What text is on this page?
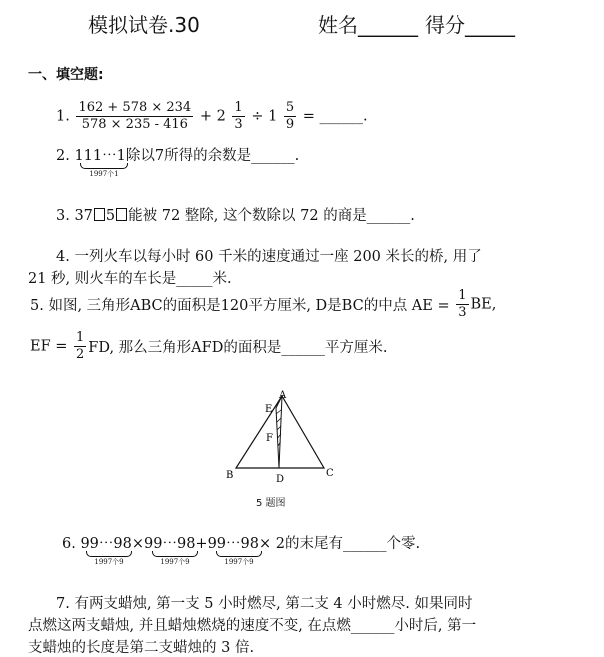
模拟试卷.30	姓名______ 得分_____
一、填空题:
1. $\frac{162 + 578 \times 234}{578 \times 235 - 416} + 2 \frac{1}{3} \div 1 \frac{5}{9}$ = ______.
2. 111⋯1除以7所得的余数是______.
1997个1
3. 37 5 能被 72 整除, 这个数除以 72 的商是______.
4. 一列火车以每小时 60 千米的速度通过一座 200 米长的桥, 用了
21 秒, 则火车的车长是_____米.
5. 如图, 三角形ABC的面积是120平方厘米, D是BC的中点 AE = $\frac{1}{3}$ BE,
EF = $\frac{1}{2}$ FD, 那么三角形AFD的面积是______平方厘米.
A
E
F
B	D
C
5 题图
6. 99⋯98×99⋯98+99⋯98× 2的末尾有______个零.
1997个9	1997个9	1997个9
7. 有两支蜡烛, 第一支 5 小时燃尽, 第二支 4 小时燃尽. 如果同时
点燃这两支蜡烛, 并且蜡烛燃烧的速度不变, 在点燃______小时后, 第一
支蜡烛的长度是第二支蜡烛的 3 倍.
